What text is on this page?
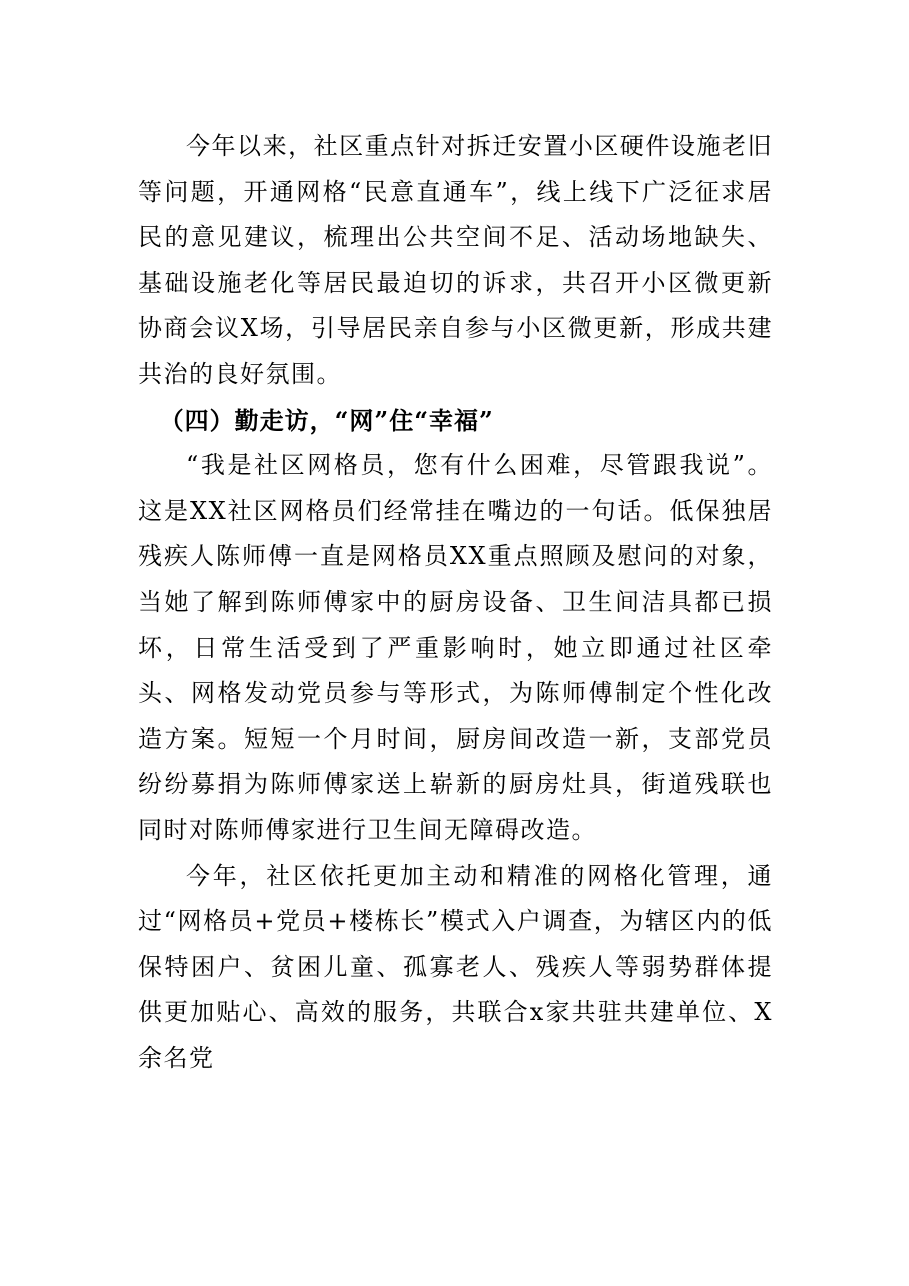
今年以来，社区重点针对拆迁安置小区硬件设施老旧等问题，开通网格“民意直通车”，线上线下广泛征求居民的意见建议，梳理出公共空间不足、活动场地缺失、基础设施老化等居民最迫切的诉求，共召开小区微更新协商会议X场，引导居民亲自参与小区微更新，形成共建共治的良好氛围。

（四）勤走访，“网”住“幸福”

“我是社区网格员，您有什么困难，尽管跟我说”。这是XX社区网格员们经常挂在嘴边的一句话。低保独居残疾人陈师傅一直是网格员XX重点照顾及慰问的对象，当她了解到陈师傅家中的厨房设备、卫生间洁具都已损坏，日常生活受到了严重影响时，她立即通过社区牵头、网格发动党员参与等形式，为陈师傅制定个性化改造方案。短短一个月时间，厨房间改造一新，支部党员纷纷募捐为陈师傅家送上崭新的厨房灶具，街道残联也同时对陈师傅家进行卫生间无障碍改造。

今年，社区依托更加主动和精准的网格化管理，通过“网格员+党员+楼栋长”模式入户调查，为辖区内的低保特困户、贫困儿童、孤寡老人、残疾人等弱势群体提供更加贴心、高效的服务，共联合x家共驻共建单位、X余名党
